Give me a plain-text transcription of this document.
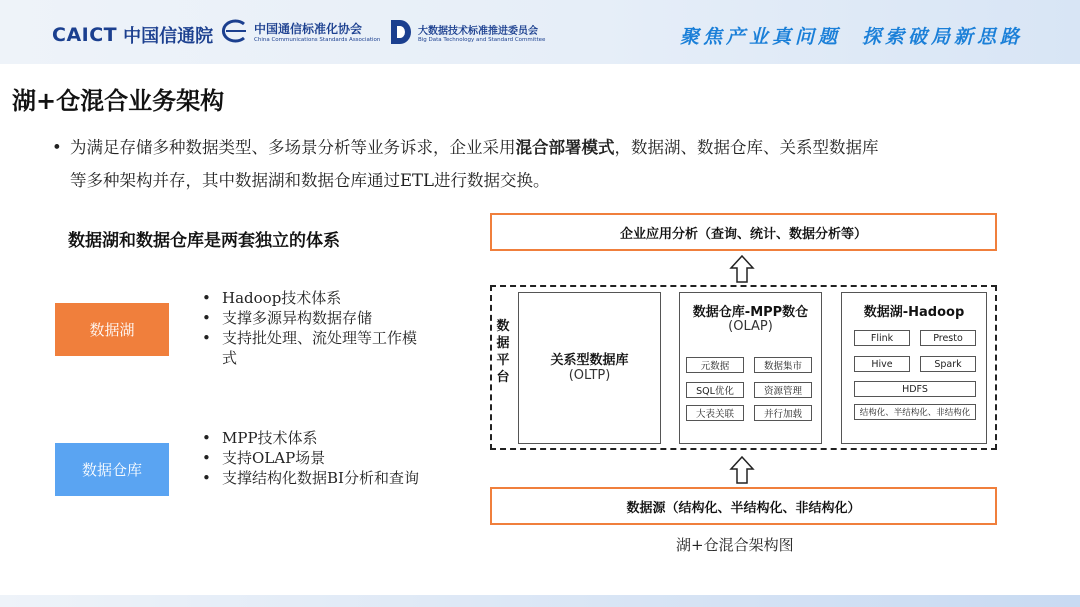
CAICT 中国信通院	中国通信标准化协会
China Communications Standards Association
大数据技术标准推进委员会
Big Data Technology and Standard Committee	聚焦产业真问题 探索破局新思路
湖+仓混合业务架构
• 为满足存储多种数据类型、多场景分析等业务诉求，企业采用混合部署模式，数据湖、数据仓库、关系型数据库
等多种架构并存，其中数据湖和数据仓库通过ETL进行数据交换。
数据湖和数据仓库是两套独立的体系
数据湖
• Hadoop技术体系
• 支撑多源异构数据存储
• 支持批处理、流处理等工作模式
数据仓库
• MPP技术体系
• 支持OLAP场景
• 支撑结构化数据BI分析和查询
企业应用分析（查询、统计、数据分析等）
数据平台
关系型数据库
(OLTP)
数据仓库-MPP数仓
(OLAP)
元数据	数据集市
SQL优化	资源管理
大表关联	并行加载
数据湖-Hadoop
Flink	Presto
Hive	Spark
HDFS
结构化、半结构化、非结构化
数据源（结构化、半结构化、非结构化）
湖+仓混合架构图
